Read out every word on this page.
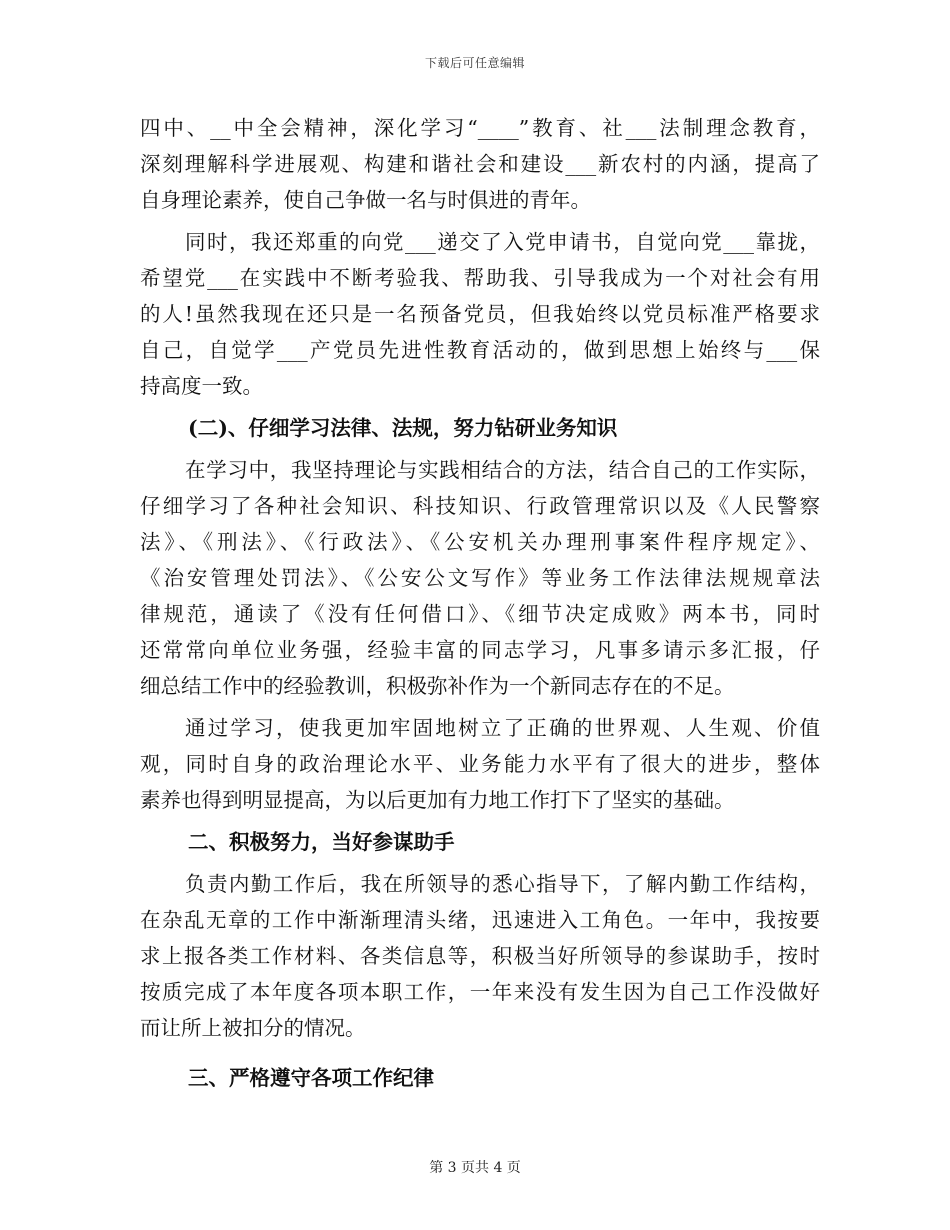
下载后可任意编辑
四中、__中全会精神，深化学习“____”教育、社___法制理念教育，
深刻理解科学进展观、构建和谐社会和建设___新农村的内涵，提高了
自身理论素养，使自己争做一名与时俱进的青年。
同时，我还郑重的向党___递交了入党申请书，自觉向党___靠拢，
希望党___在实践中不断考验我、帮助我、引导我成为一个对社会有用
的人!虽然我现在还只是一名预备党员，但我始终以党员标准严格要求
自己，自觉学___产党员先进性教育活动的，做到思想上始终与___保
持高度一致。
(二)、仔细学习法律、法规，努力钻研业务知识
在学习中，我坚持理论与实践相结合的方法，结合自己的工作实际，
仔细学习了各种社会知识、科技知识、行政管理常识以及《人民警察
法》、《刑法》、《行政法》、《公安机关办理刑事案件程序规定》、
《治安管理处罚法》、《公安公文写作》等业务工作法律法规规章法
律规范，通读了《没有任何借口》、《细节决定成败》两本书，同时
还常常向单位业务强，经验丰富的同志学习，凡事多请示多汇报，仔
细总结工作中的经验教训，积极弥补作为一个新同志存在的不足。
通过学习，使我更加牢固地树立了正确的世界观、人生观、价值
观，同时自身的政治理论水平、业务能力水平有了很大的进步，整体
素养也得到明显提高，为以后更加有力地工作打下了坚实的基础。
二、积极努力，当好参谋助手
负责内勤工作后，我在所领导的悉心指导下，了解内勤工作结构，
在杂乱无章的工作中渐渐理清头绪，迅速进入工角色。一年中，我按要
求上报各类工作材料、各类信息等，积极当好所领导的参谋助手，按时
按质完成了本年度各项本职工作，一年来没有发生因为自己工作没做好
而让所上被扣分的情况。
三、严格遵守各项工作纪律
第 3 页共 4 页
